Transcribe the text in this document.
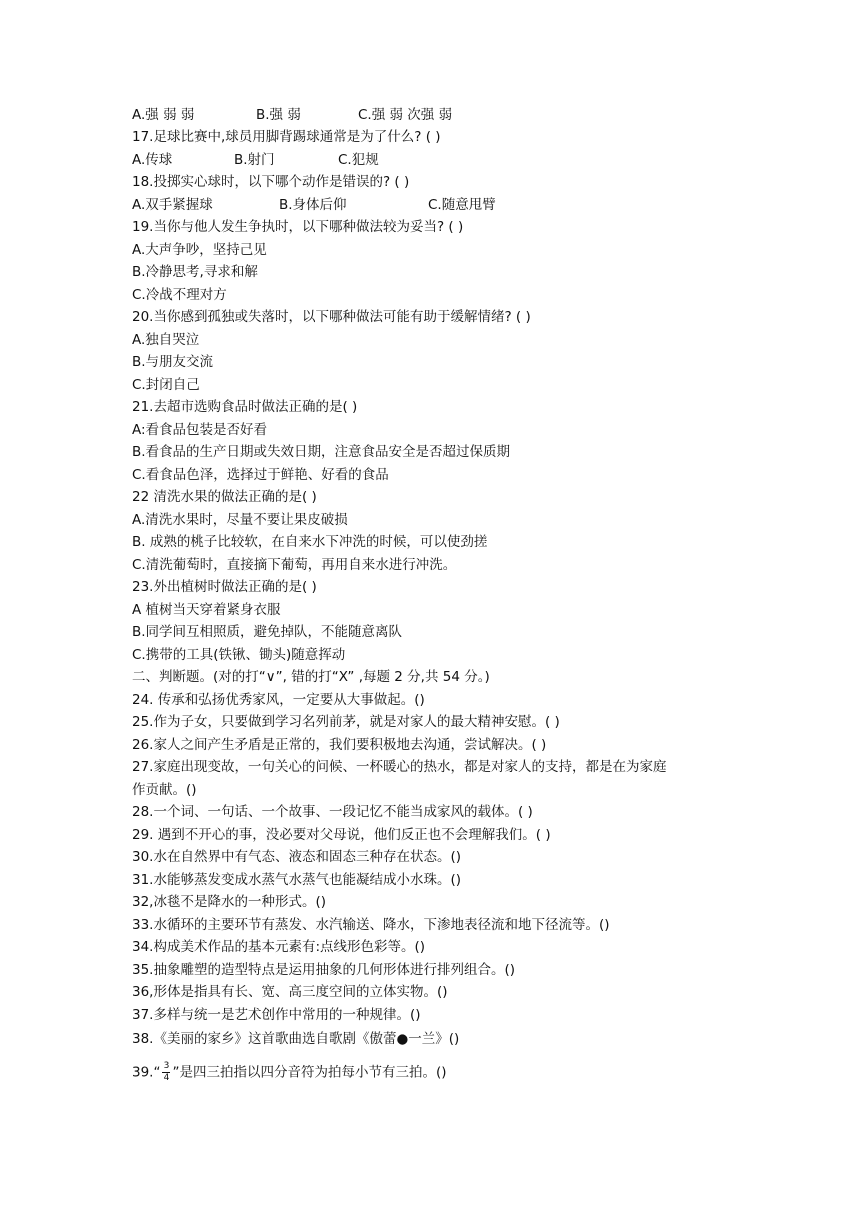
A.强 弱 弱	B.强 弱	C.强 弱 次强 弱
17.足球比赛中,球员用脚背踢球通常是为了什么? ( )
A.传球	B.射门	C.犯规
18.投掷实心球时，以下哪个动作是错误的? ( )
A.双手紧握球	B.身体后仰	C.随意甩臂
19.当你与他人发生争执时，以下哪种做法较为妥当? ( )
A.大声争吵，坚持己见
B.冷静思考,寻求和解
C.冷战不理对方
20.当你感到孤独或失落时，以下哪种做法可能有助于缓解情绪? ( )
A.独自哭泣
B.与朋友交流
C.封闭自己
21.去超市选购食品时做法正确的是( )
A:看食品包装是否好看
B.看食品的生产日期或失效日期，注意食品安全是否超过保质期
C.看食品色泽，选择过于鲜艳、好看的食品
22 清洗水果的做法正确的是( )
A.清洗水果时，尽量不要让果皮破损
B. 成熟的桃子比较软，在自来水下冲洗的时候，可以使劲搓
C.清洗葡萄时，直接摘下葡萄，再用自来水进行冲洗。
23.外出植树时做法正确的是( )
A 植树当天穿着紧身衣服
B.同学间互相照质，避免掉队，不能随意离队
C.携带的工具(铁锹、锄头)随意挥动
二、判断题。(对的打“∨”, 错的打“X” ,每题 2 分,共 54 分。)
24. 传承和弘扬优秀家风，一定要从大事做起。()
25.作为子女，只要做到学习名列前茅，就是对家人的最大精神安慰。( )
26.家人之间产生矛盾是正常的，我们要积极地去沟通，尝试解决。( )
27.家庭出现变故，一句关心的问候、一杯暖心的热水，都是对家人的支持，都是在为家庭
作贡献。()
28.一个词、一句话、一个故事、一段记忆不能当成家风的载体。( )
29. 遇到不开心的事，没必要对父母说，他们反正也不会理解我们。( )
30.水在自然界中有气态、液态和固态三种存在状态。()
31.水能够蒸发变成水蒸气水蒸气也能凝结成小水珠。()
32,冰毯不是降水的一种形式。()
33.水循环的主要环节有蒸发、水汽输送、降水，下渗地表径流和地下径流等。()
34.构成美术作品的基本元素有:点线形色彩等。()
35.抽象雕塑的造型特点是运用抽象的几何形体进行排列组合。()
36,形体是指具有长、宽、高三度空间的立体实物。()
37.多样与统一是艺术创作中常用的一种规律。()
38.《美丽的家乡》这首歌曲选自歌剧《傲蕾●一兰》()
39.“ $\frac{3}{4}$ ”是四三拍指以四分音符为拍每小节有三拍。()
